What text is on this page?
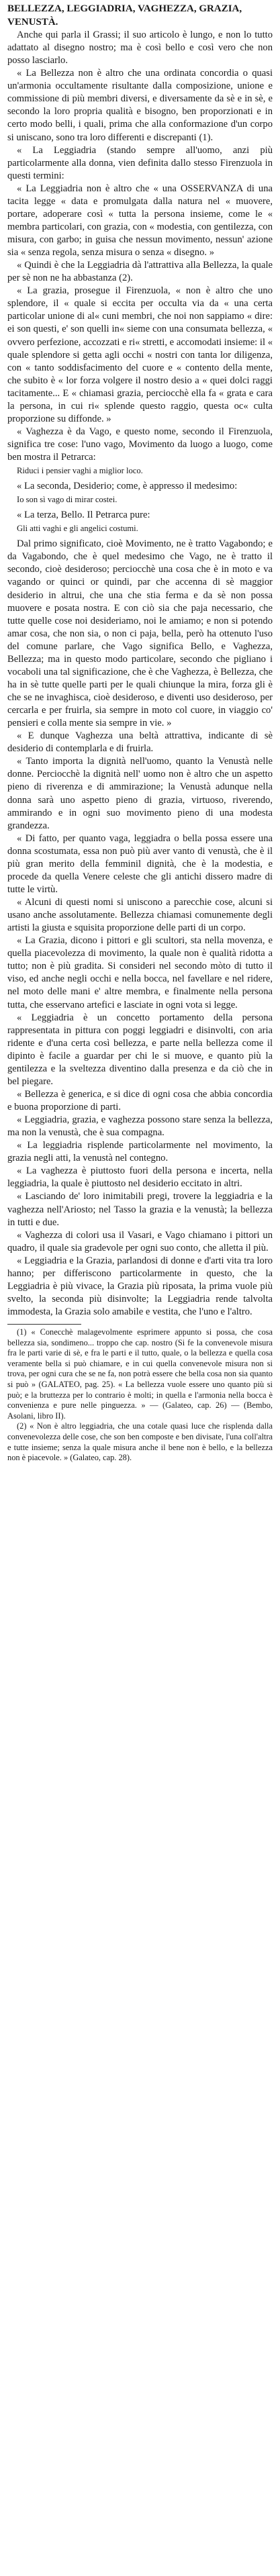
BELLEZZA, LEGGIADRIA, VAGHEZZA, GRAZIA, VENUSTÀ.

Anche qui parla il Grassi; il suo articolo è lungo, e non lo tutto adattato al disegno nostro; ma è così bello e così vero che non posso lasciarlo.

« La Bellezza non è altro che una ordinata concordia o quasi un'armonia occultamente risultante dalla composizione, unione e commissione di più membri diversi, e diversamente da sè e in sè, e secondo la loro propria qualità e bisogno, ben proporzionati e in certo modo belli, i quali, prima che alla conformazione d'un corpo si uniscano, sono tra loro differenti e discrepanti (1).

« La Leggiadria (stando sempre all'uomo, anzi più particolarmente alla donna, vien definita dallo stesso Firenzuola in questi termini:

« La Leggiadria non è altro che « una OSSERVANZA di una tacita legge « data e promulgata dalla natura nel « muovere, portare, adoperare così « tutta la persona insieme, come le « membra particolari, con grazia, con « modestia, con gentilezza, con misura, con garbo; in guisa che nessun movimento, nessun' azione sia « senza regola, senza misura o senza « disegno. »

« Quindi è che la Leggiadria dà l'attrattiva alla Bellezza, la quale per sè non ne ha abbastanza (2).

« La grazia, prosegue il Firenzuola, « non è altro che uno splendore, il « quale si eccita per occulta via da « una certa particolar unione di al« cuni membri, che noi non sappiamo « dire: ei son questi, e' son quelli in« sieme con una consumata bellezza, « ovvero perfezione, accozzati e ri« stretti, e accomodati insieme: il « quale splendore si getta agli occhi « nostri con tanta lor diligenza, con « tanto soddisfacimento del cuore e « contento della mente, che subito è « lor forza volgere il nostro desio a « quei dolci raggi tacitamente... E « chiamasi grazia, perciocchè ella fa « grata e cara la persona, in cui ri« splende questo raggio, questa oc« culta proporzione su diffonde. »

« Vaghezza è da Vago, e questo nome, secondo il Firenzuola, significa tre cose: l'uno vago, Movimento da luogo a luogo, come ben mostra il Petrarca:

Riduci i pensier vaghi a miglior loco.

« La seconda, Desiderio; come, è appresso il medesimo:

Io son sì vago di mirar costei.

« La terza, Bello. Il Petrarca pure:

Gli atti vaghi e gli angelici costumi.

Dal primo significato, cioè Movimento, ne è tratto Vagabondo; e da Vagabondo, che è quel medesimo che Vago, ne è tratto il secondo, cioè desideroso; perciocchè una cosa che è in moto e va vagando or quinci or quindi, par che accenna di sè maggior desiderio in altrui, che una che stia ferma e da sè non possa muovere e posata nostra. E con ciò sia che paja necessario, che tutte quelle cose noi desideriamo, noi le amiamo; e non si potendo amar cosa, che non sia, o non ci paja, bella, però ha ottenuto l'uso del comune parlare, che Vago significa Bello, e Vaghezza, Bellezza; ma in questo modo particolare, secondo che pigliano i vocaboli una tal significazione, che è che Vaghezza, è Bellezza, che ha in sè tutte quelle parti per le quali chiunque la mira, forza gli è che se ne invaghisca, cioè desideroso, e diventi uso desideroso, per cercarla e per fruirla, sia sempre in moto col cuore, in viaggio co' pensieri e colla mente sia sempre in vie. »

« E dunque Vaghezza una beltà attrattiva, indicante di sè desiderio di contemplarla e di fruirla.

« Tanto importa la dignità nell'uomo, quanto la Venustà nelle donne. Perciocchè la dignità nell' uomo non è altro che un aspetto pieno di riverenza e di ammirazione; la Venustà adunque nella donna sarà uno aspetto pieno di grazia, virtuoso, riverendo, ammirando e in ogni suo movimento pieno di una modesta grandezza.

« Di fatto, per quanto vaga, leggiadra o bella possa essere una donna scostumata, essa non può più aver vanto di venustà, che è il più gran merito della femminil dignità, che è la modestia, e procede da quella Venere celeste che gli antichi dissero madre di tutte le virtù.

« Alcuni di questi nomi si uniscono a parecchie cose, alcuni si usano anche assolutamente. Bellezza chiamasi comunemente degli artisti la giusta e squisita proporzione delle parti di un corpo.

« La Grazia, dicono i pittori e gli scultori, sta nella movenza, e quella piacevolezza di movimento, la quale non è qualità ridotta a tutto; non è più gradita. Si consideri nel secondo mòto di tutto il viso, ed anche negli occhi e nella bocca, nel favellare e nel ridere, nel moto delle mani e' altre membra, e finalmente nella persona tutta, che esservano artefici e lasciate in ogni vota si legge.

« Leggiadria è un concetto portamento della persona rappresentata in pittura con poggi leggiadri e disinvolti, con aria ridente e d'una certa così bellezza, e parte nella bellezza come il dipinto è facile a guardar per chi le si muove, e quanto più la gentilezza e la sveltezza diventino dalla presenza e da ciò che in bel piegare.

« Bellezza è generica, e si dice di ogni cosa che abbia concordia e buona proporzione di parti.

« Leggiadria, grazia, e vaghezza possono stare senza la bellezza, ma non la venustà, che è sua compagna.

« La leggiadria risplende particolarmente nel movimento, la grazia negli atti, la venustà nel contegno.

« La vaghezza è piuttosto fuori della persona e incerta, nella leggiadria, la quale è piuttosto nel desiderio eccitato in altri.

« Lasciando de' loro inimitabili pregi, trovere la leggiadria e la vaghezza nell'Ariosto; nel Tasso la grazia e la venustà; la bellezza in tutti e due.

« Vaghezza di colori usa il Vasari, e Vago chiamano i pittori un quadro, il quale sia gradevole per ogni suo conto, che alletta il più.

« Leggiadria e la Grazia, parlandosi di donne e d'arti vita tra loro hanno; per differiscono particolarmente in questo, che la Leggiadria è più vivace, la Grazia più riposata, la prima vuole più svelto, la seconda più disinvolte; la Leggiadria rende talvolta immodesta, la Grazia solo amabile e vestita, che l'uno e l'altro.

(1) « Conecchè malagevolmente esprimere appunto si possa, che cosa bellezza sia, sondimeno... troppo che cap. nostro (Si fe la convenevole misura fra le parti varie di sè, e fra le parti e il tutto, quale, o la bellezza e quella cosa veramente bella si può chiamare, e in cui quella convenevole misura non si trova, per ogni cura che se ne fa, non potrà essere che bella cosa non sia quanto si può » (GALATEO, pag. 25). « La bellezza vuole essere uno quanto più si può; e la bruttezza per lo contrario è molti; in quella e l'armonia nella bocca è convenienza e pure nelle pinguezza. » — (Galateo, cap. 26) — (Bembo, Asolani, libro II).

(2) « Non è altro leggiadria, che una cotale quasi luce che risplenda dalla convenevolezza delle cose, che son ben composte e ben divisate, l'una coll'altra e tutte insieme; senza la quale misura anche il bene non è bello, e la bellezza non è piacevole. » (Galateo, cap. 28).
